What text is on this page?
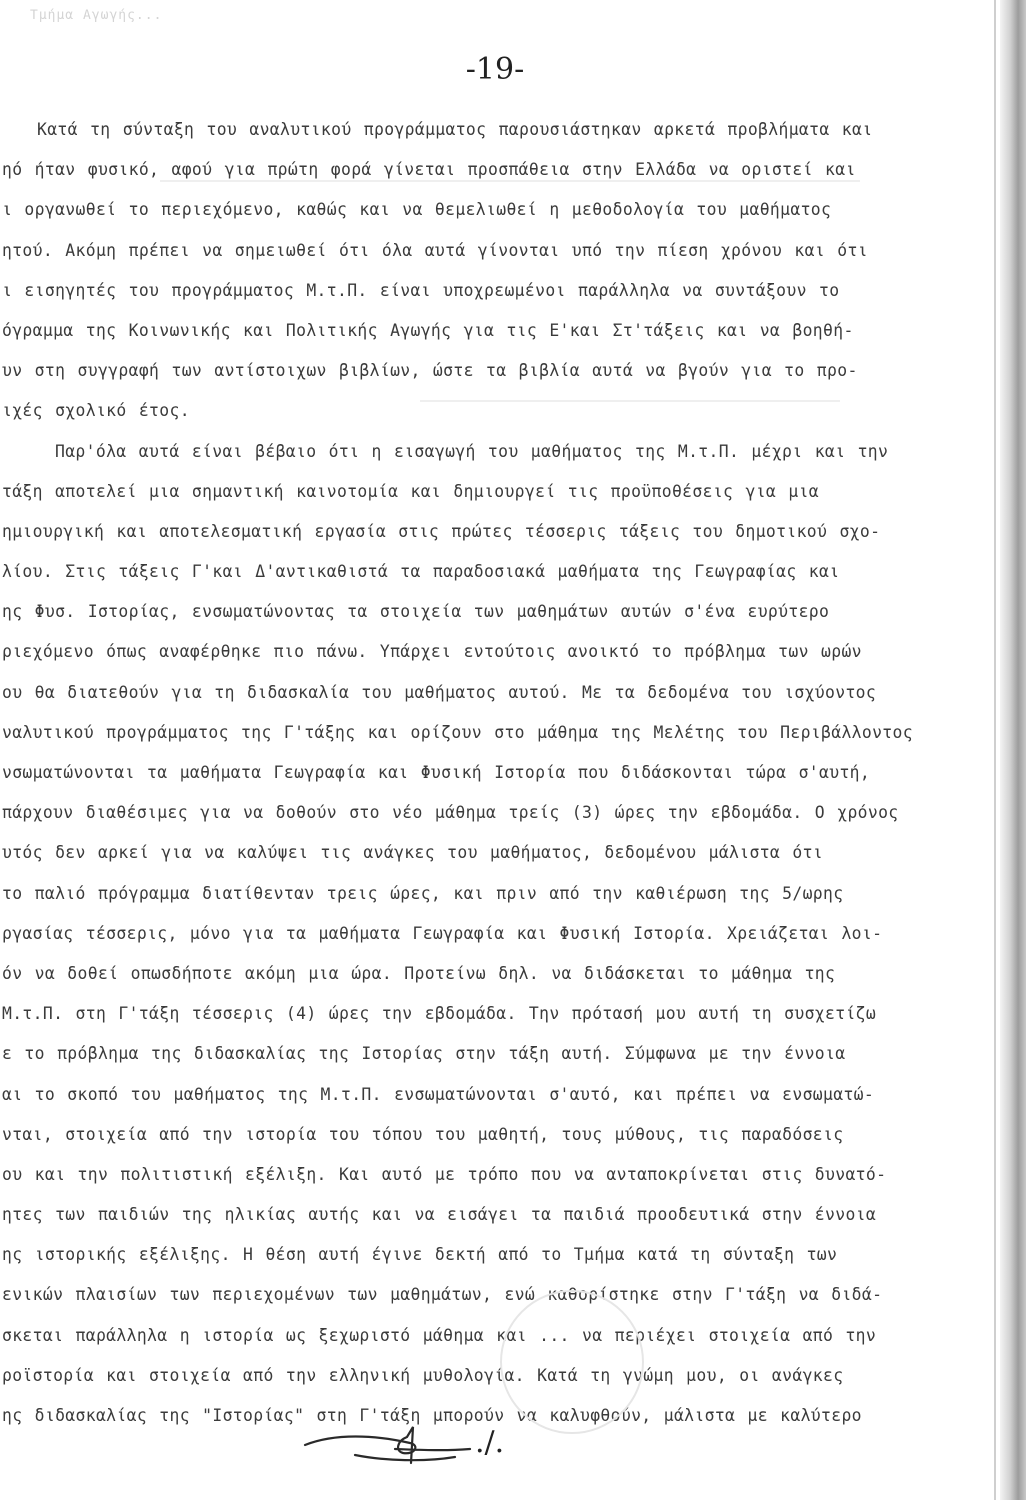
Τμήμα Αγωγής...
-19-
Κατά τη σύνταξη του αναλυτικού προγράμματος παρουσιάστηκαν αρκετά προβλήματα και
ηό ήταν φυσικό, αφού για πρώτη φορά γίνεται προσπάθεια στην Ελλάδα να οριστεί και
ι οργανωθεί το περιεχόμενο, καθώς και να θεμελιωθεί η μεθοδολογία του μαθήματος
ητού. Ακόμη πρέπει να σημειωθεί ότι όλα αυτά γίνονται υπό την πίεση χρόνου και ότι
ι εισηγητές του προγράμματος Μ.τ.Π. είναι υποχρεωμένοι παράλληλα να συντάξουν το
όγραμμα της Κοινωνικής και Πολιτικής Αγωγής για τις Ε'και Στ'τάξεις και να βοηθή-
υν στη συγγραφή των αντίστοιχων βιβλίων, ώστε τα βιβλία αυτά να βγούν για το προ-
ιχές σχολικό έτος.
Παρ'όλα αυτά είναι βέβαιο ότι η εισαγωγή του μαθήματος της Μ.τ.Π. μέχρι και την
τάξη αποτελεί μια σημαντική καινοτομία και δημιουργεί τις προϋποθέσεις για μια
ημιουργική και αποτελεσματική εργασία στις πρώτες τέσσερις τάξεις του δημοτικού σχο-
λίου. Στις τάξεις Γ'και Δ'αντικαθιστά τα παραδοσιακά μαθήματα της Γεωγραφίας και
ης Φυσ. Ιστορίας, ενσωματώνοντας τα στοιχεία των μαθημάτων αυτών σ'ένα ευρύτερο
ριεχόμενο όπως αναφέρθηκε πιο πάνω. Υπάρχει εντούτοις ανοικτό το πρόβλημα των ωρών
ου θα διατεθούν για τη διδασκαλία του μαθήματος αυτού. Με τα δεδομένα του ισχύοντος
ναλυτικού προγράμματος της Γ'τάξης και ορίζουν στο μάθημα της Μελέτης του Περιβάλλοντος
νσωματώνονται τα μαθήματα Γεωγραφία και Φυσική Ιστορία που διδάσκονται τώρα σ'αυτή,
πάρχουν διαθέσιμες για να δοθούν στο νέο μάθημα τρείς (3) ώρες την εβδομάδα. Ο χρόνος
υτός δεν αρκεί για να καλύψει τις ανάγκες του μαθήματος, δεδομένου μάλιστα ότι
το παλιό πρόγραμμα διατίθενταν τρεις ώρες, και πριν από την καθιέρωση της 5/ωρης
ργασίας τέσσερις, μόνο για τα μαθήματα Γεωγραφία και Φυσική Ιστορία. Χρειάζεται λοι-
όν να δοθεί οπωσδήποτε ακόμη μια ώρα. Προτείνω δηλ. να διδάσκεται το μάθημα της
Μ.τ.Π. στη Γ'τάξη τέσσερις (4) ώρες την εβδομάδα. Την πρότασή μου αυτή τη συσχετίζω
ε το πρόβλημα της διδασκαλίας της Ιστορίας στην τάξη αυτή. Σύμφωνα με την έννοια
αι το σκοπό του μαθήματος της Μ.τ.Π. ενσωματώνονται σ'αυτό, και πρέπει να ενσωματώ-
νται, στοιχεία από την ιστορία του τόπου του μαθητή, τους μύθους, τις παραδόσεις
ου και την πολιτιστική εξέλιξη. Και αυτό με τρόπο που να ανταποκρίνεται στις δυνατό-
ητες των παιδιών της ηλικίας αυτής και να εισάγει τα παιδιά προοδευτικά στην έννοια
ης ιστορικής εξέλιξης. Η θέση αυτή έγινε δεκτή από το Τμήμα κατά τη σύνταξη των
ενικών πλαισίων των περιεχομένων των μαθημάτων, ενώ καθορίστηκε στην Γ'τάξη να διδά-
σκεται παράλληλα η ιστορία ως ξεχωριστό μάθημα και ... να περιέχει στοιχεία από την
ροϊστορία και στοιχεία από την ελληνική μυθολογία. Κατά τη γνώμη μου, οι ανάγκες
ης διδασκαλίας της "Ιστορίας" στη Γ'τάξη μπορούν να καλυφθούν, μάλιστα με καλύτερο
./.
